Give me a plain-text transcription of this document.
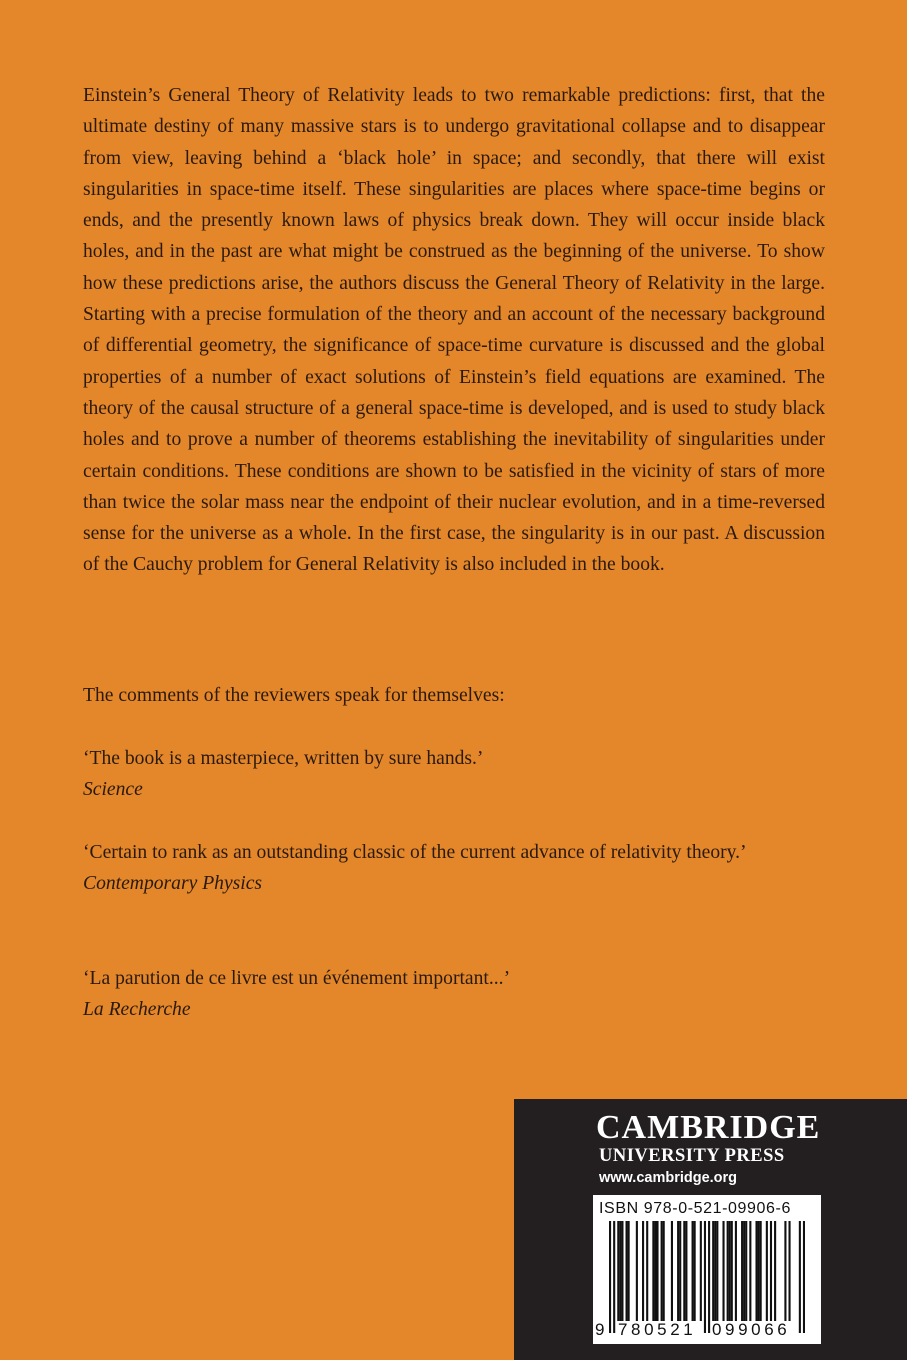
Einstein’s General Theory of Relativity leads to two remarkable predictions: first, that the ultimate destiny of many massive stars is to undergo gravitational collapse and to disappear from view, leaving behind a ‘black hole’ in space; and secondly, that there will exist singularities in space-time itself. These singularities are places where space-time begins or ends, and the presently known laws of physics break down. They will occur inside black holes, and in the past are what might be construed as the beginning of the universe. To show how these predictions arise, the authors discuss the General Theory of Relativity in the large. Starting with a precise formulation of the theory and an account of the necessary background of differential geometry, the significance of space-time curvature is discussed and the global properties of a number of exact solutions of Einstein’s field equations are examined. The theory of the causal structure of a general space-time is developed, and is used to study black holes and to prove a number of theorems establishing the inevitability of singularities under certain conditions. These conditions are shown to be satisfied in the vicinity of stars of more than twice the solar mass near the endpoint of their nuclear evolution, and in a time-reversed sense for the universe as a whole. In the first case, the singularity is in our past. A discussion of the Cauchy problem for General Relativity is also included in the book.

The comments of the reviewers speak for themselves:

‘The book is a masterpiece, written by sure hands.’
Science

‘Certain to rank as an outstanding classic of the current advance of relativity theory.’
Contemporary Physics

‘La parution de ce livre est un événement important...’
La Recherche

CAMBRIDGE

UNIVERSITY PRESS

www.cambridge.org

ISBN 978-0-521-09906-6

9 780521 099066
